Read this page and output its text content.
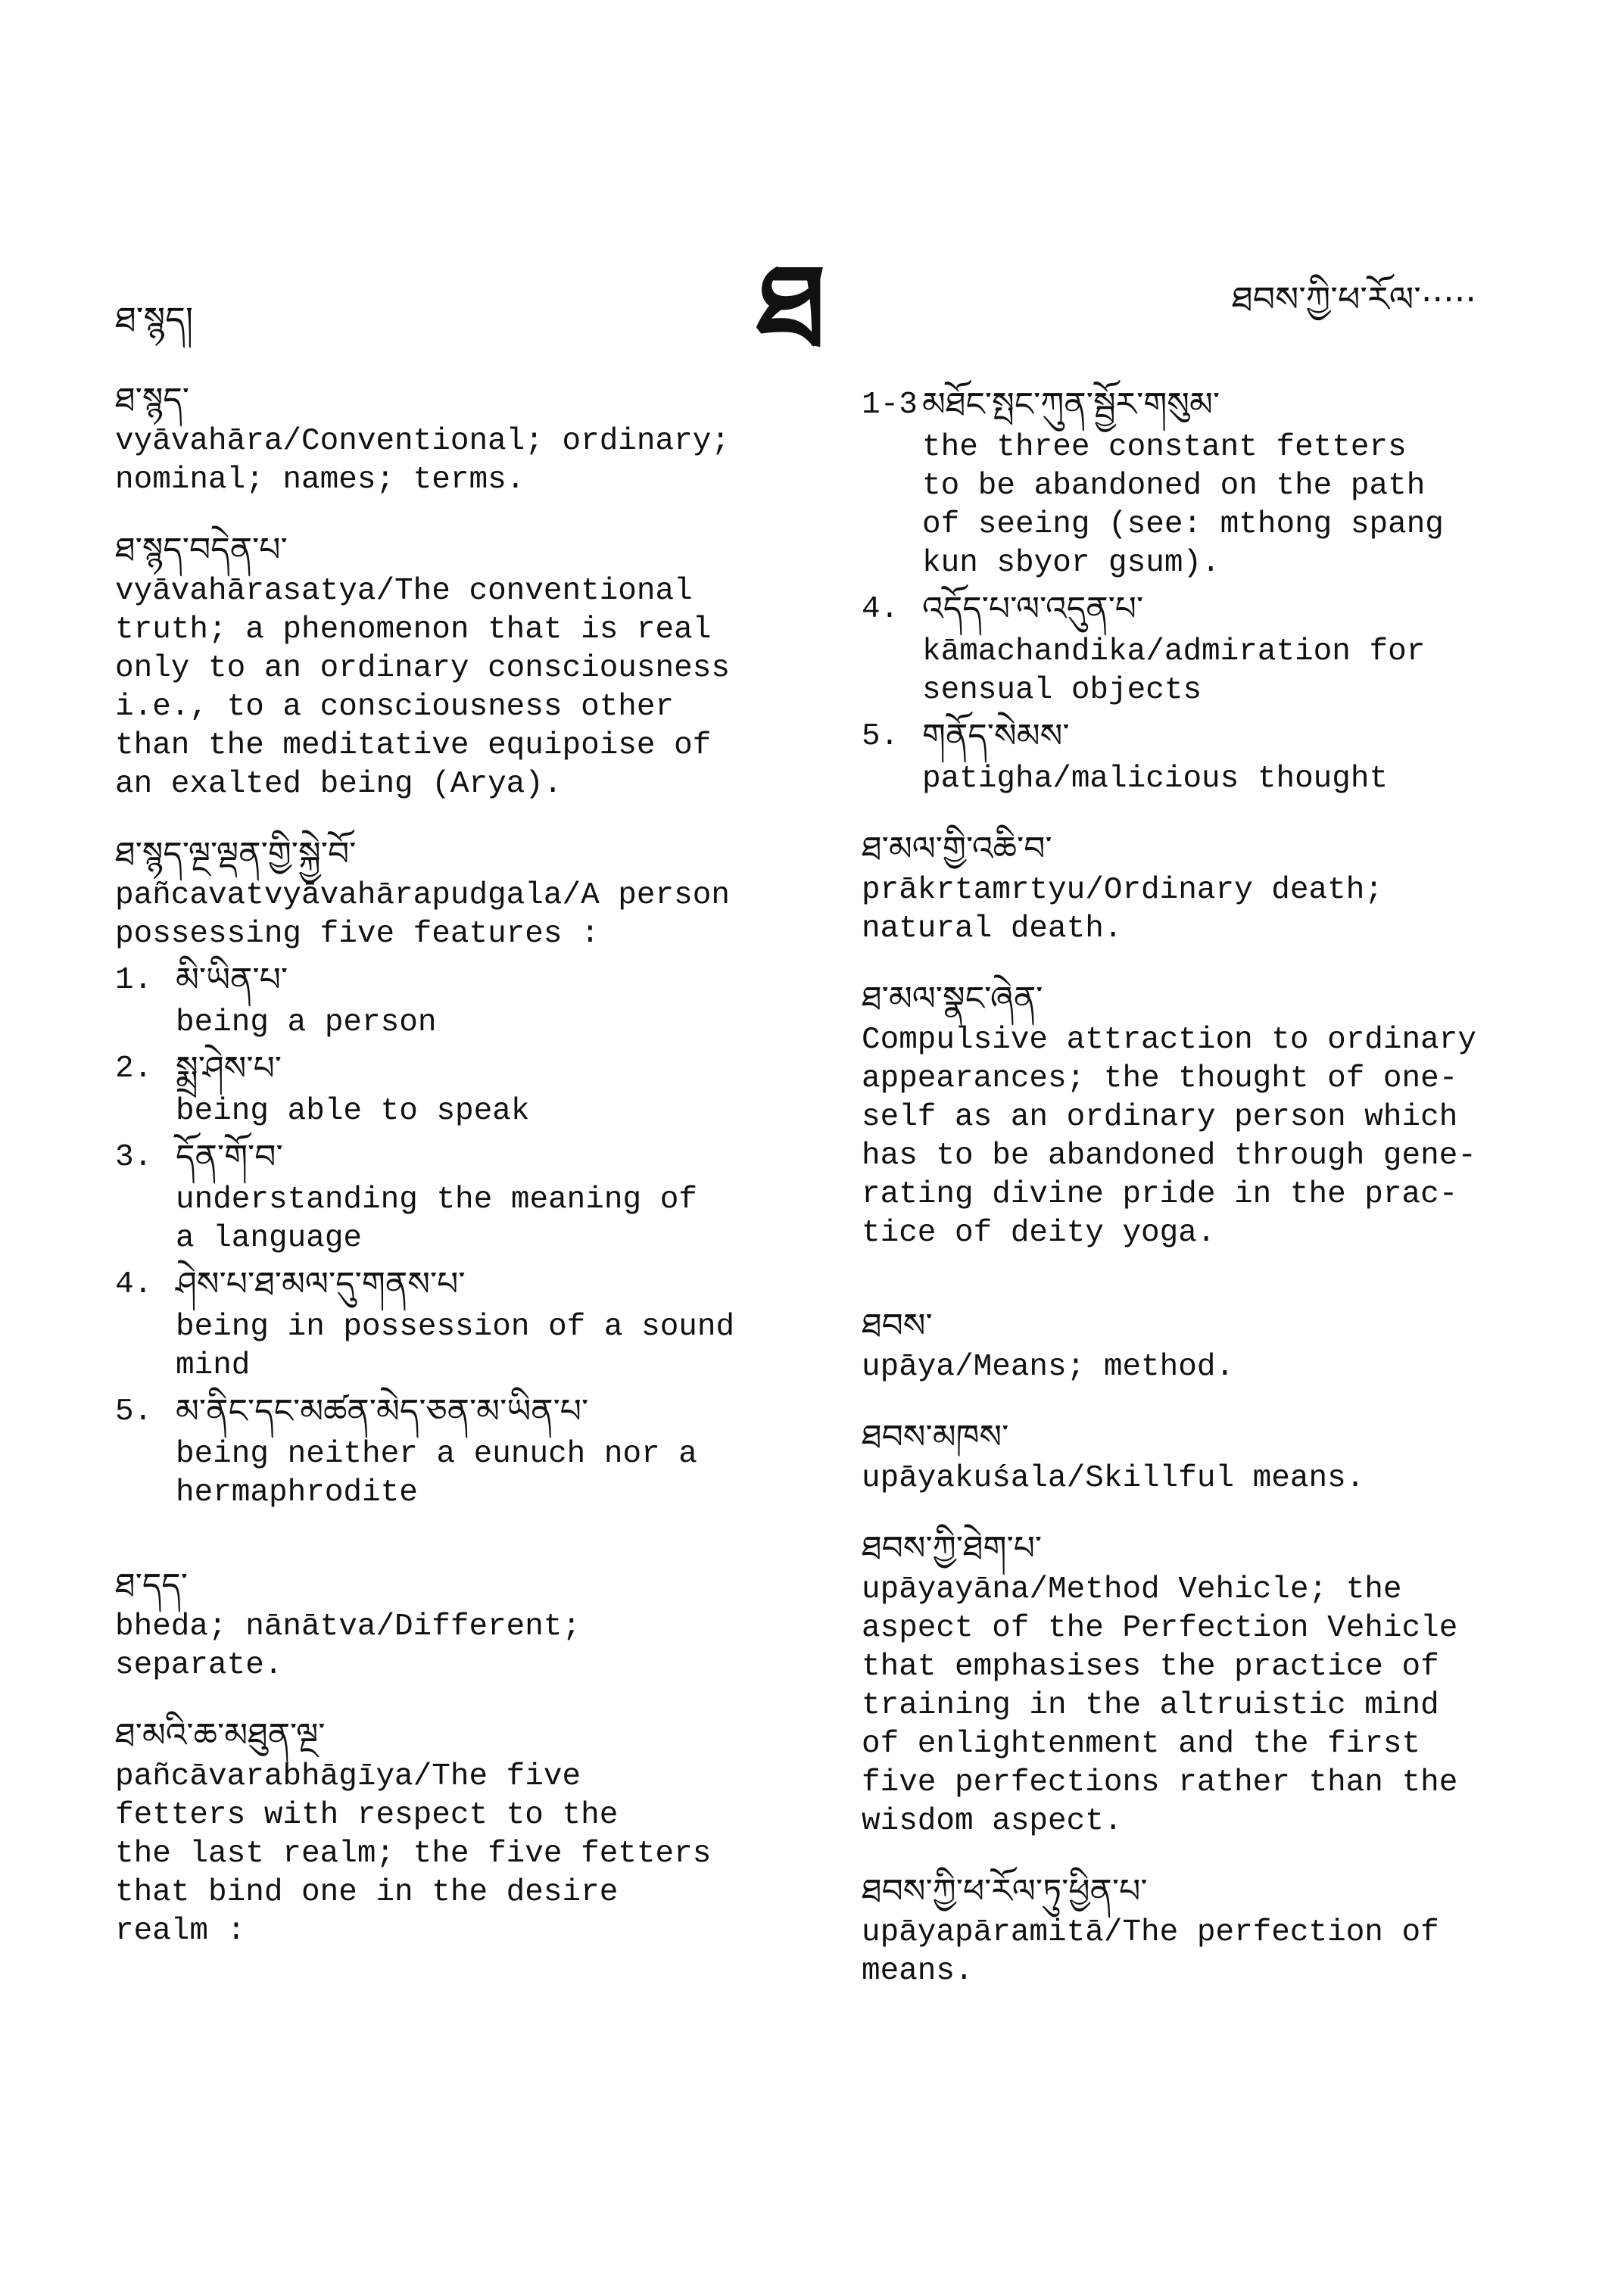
ཐ་སྙད།	ཐ	ཐབས་ཀྱི་ཕ་རོལ་·····
ཐ་སྙད་
vyāvahāra/Conventional; ordinary;
nominal; names; terms.
ཐ་སྙད་བདེན་པ་
vyāvahārasatya/The conventional
truth; a phenomenon that is real
only to an ordinary consciousness
i.e., to a consciousness other
than the meditative equipoise of
an exalted being (Arya).
ཐ་སྙད་ལྔ་ལྡན་གྱི་སྐྱེ་བོ་
pañcavatvyāvahārapudgala/A person
possessing five features :
1. མི་ཡིན་པ་
being a person
2. སྨྲ་ཤེས་པ་
being able to speak
3. དོན་གོ་བ་
understanding the meaning of
a language
4. ཤེས་པ་ཐ་མལ་དུ་གནས་པ་
being in possession of a sound
mind
5. མ་ནིང་དང་མཚན་མེད་ཅན་མ་ཡིན་པ་
being neither a eunuch nor a
hermaphrodite
ཐ་དད་
bheda; nānātva/Different;
separate.
ཐ་མའི་ཆ་མཐུན་ལྔ་
pañcāvarabhāgīya/The five
fetters with respect to the
the last realm; the five fetters
that bind one in the desire
realm :
1-3 མཐོང་སྤང་ཀུན་སྦྱོར་གསུམ་
the three constant fetters
to be abandoned on the path
of seeing (see: mthong spang
kun sbyor gsum).
4. འདོད་པ་ལ་འདུན་པ་
kāmachandika/admiration for
sensual objects
5. གནོད་སེམས་
patigha/malicious thought
ཐ་མལ་གྱི་འཆི་བ་
prākrtamrtyu/Ordinary death;
natural death.
ཐ་མལ་སྣང་ཞེན་
Compulsive attraction to ordinary
appearances; the thought of one-
self as an ordinary person which
has to be abandoned through gene-
rating divine pride in the prac-
tice of deity yoga.
ཐབས་
upāya/Means; method.
ཐབས་མཁས་
upāyakuśala/Skillful means.
ཐབས་ཀྱི་ཐེག་པ་
upāyayāna/Method Vehicle; the
aspect of the Perfection Vehicle
that emphasises the practice of
training in the altruistic mind
of enlightenment and the first
five perfections rather than the
wisdom aspect.
ཐབས་ཀྱི་ཕ་རོལ་ཏུ་ཕྱིན་པ་
upāyapāramitā/The perfection of
means.
